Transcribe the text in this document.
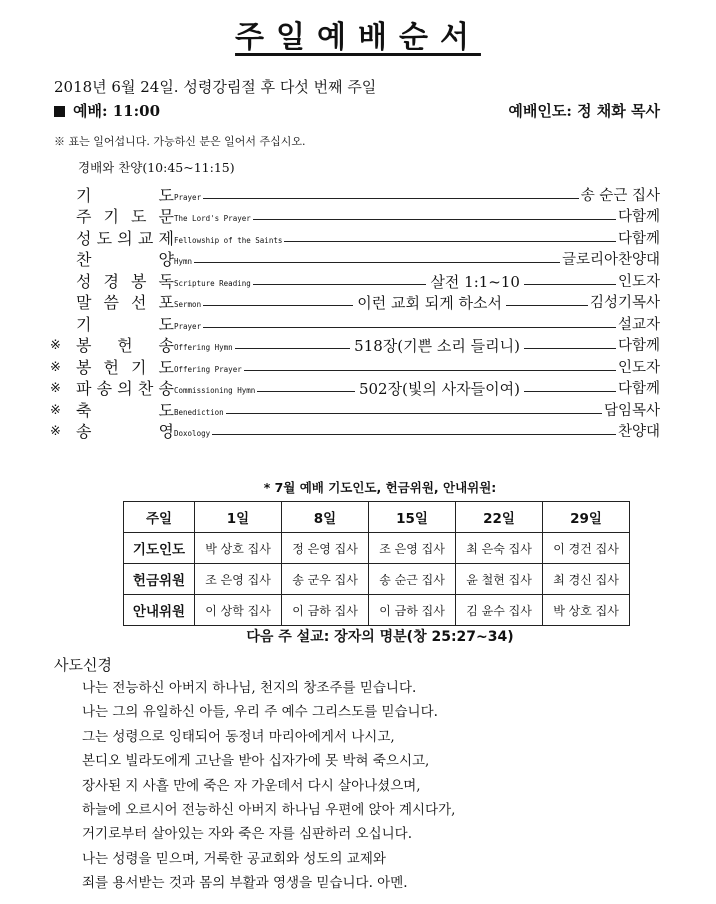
주일예배순서
2018년 6월 24일. 성령강림절 후 다섯 번째 주일
예배: 11:00	예배인도: 정 채화 목사
※ 표는 일어섭니다. 가능하신 분은 일어서 주십시오.
경배와 찬양(10:45~11:15)
기	도 Prayer	송 순근 집사
주 기 도 문 The Lord's Prayer	다함께
성 도 의 교 제 Fellowship of the Saints	다함께
찬	양 Hymn	글로리아찬양대
성 경 봉 독 Scripture Reading	살전 1:1~10	인도자
말 씀 선 포 Sermon	이런 교회 되게 하소서	김성기목사
기	도 Prayer	설교자
※ 봉 헌 송 Offering Hymn	518장(기쁜 소리 들리니)	다함께
※ 봉 헌 기 도 Offering Prayer	인도자
※ 파 송 의 찬 송 Commissioning Hymn	502장(빛의 사자들이여)	다함께
※ 축	도 Benediction	담임목사
※ 송	영 Doxology	찬양대
* 7월 예배 기도인도, 헌금위원, 안내위원:
주일	1일	8일	15일	22일	29일
기도인도	박 상호 집사	정 은영 집사	조 은영 집사	최 은숙 집사	이 경건 집사
헌금위원	조 은영 집사	송 군우 집사	송 순근 집사	윤 철현 집사	최 경신 집사
안내위원	이 상학 집사	이 금하 집사	이 금하 집사	김 윤수 집사	박 상호 집사
다음 주 설교: 장자의 명분(창 25:27~34)
사도신경
나는 전능하신 아버지 하나님, 천지의 창조주를 믿습니다.
나는 그의 유일하신 아들, 우리 주 예수 그리스도를 믿습니다.
그는 성령으로 잉태되어 동정녀 마리아에게서 나시고,
본디오 빌라도에게 고난을 받아 십자가에 못 박혀 죽으시고,
장사된 지 사흘 만에 죽은 자 가운데서 다시 살아나셨으며,
하늘에 오르시어 전능하신 아버지 하나님 우편에 앉아 계시다가,
거기로부터 살아있는 자와 죽은 자를 심판하러 오십니다.
나는 성령을 믿으며, 거룩한 공교회와 성도의 교제와
죄를 용서받는 것과 몸의 부활과 영생을 믿습니다. 아멘.
